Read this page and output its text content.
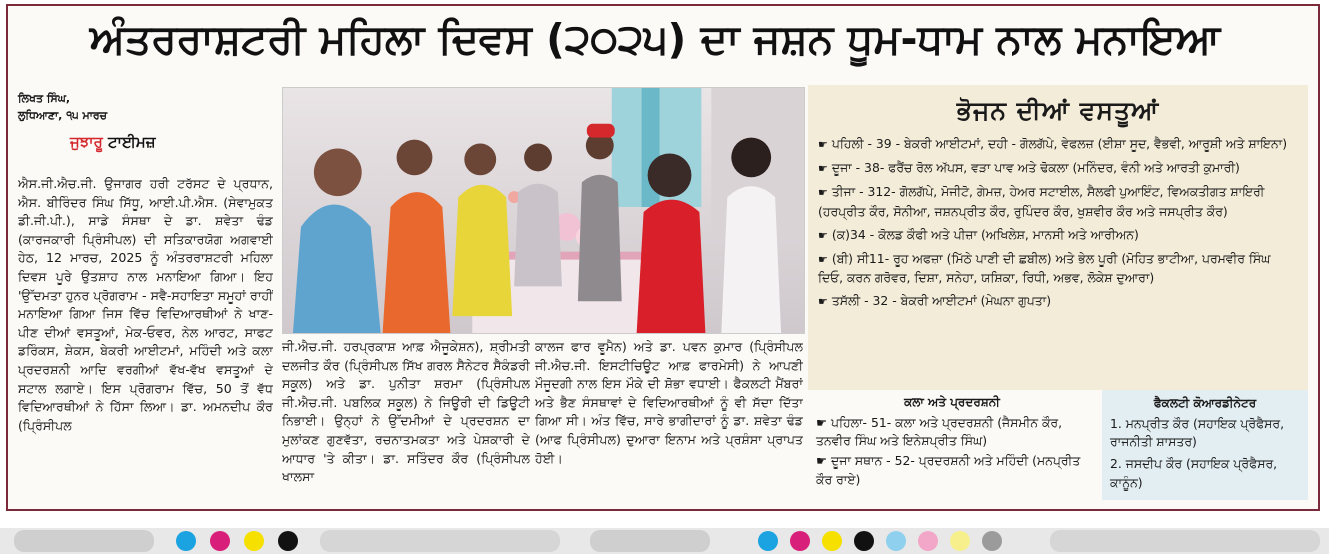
ਅੰਤਰਰਾਸ਼ਟਰੀ ਮਹਿਲਾ ਦਿਵਸ (੨੦੨੫) ਦਾ ਜਸ਼ਨ ਧੂਮ-ਧਾਮ ਨਾਲ ਮਨਾਇਆ
ਲਿਖਤ ਸਿੰਘ,
ਲੁਧਿਆਣਾ, ੧੫ ਮਾਰਚ
ਜੁਝਾਰੂ ਟਾਈਮਜ਼
ਐਸ.ਜੀ.ਐਚ.ਜੀ. ਉਜਾਗਰ ਹਰੀ ਟਰੱਸਟ ਦੇ ਪ੍ਰਧਾਨ, ਐਸ. ਬੀਰਿੰਦਰ ਸਿੰਘ ਸਿੱਧੂ, ਆਈ.ਪੀ.ਐਸ. (ਸੇਵਾਮੁਕਤ ਡੀ.ਜੀ.ਪੀ.), ਸਾਡੇ ਸੰਸਥਾ ਦੇ ਡਾ. ਸ਼ਵੇਤਾ ਢੰਡ (ਕਾਰਜਕਾਰੀ ਪ੍ਰਿੰਸੀਪਲ) ਦੀ ਸਤਿਕਾਰਯੋਗ ਅਗਵਾਈ ਹੇਠ, 12 ਮਾਰਚ, 2025 ਨੂੰ ਅੰਤਰਰਾਸ਼ਟਰੀ ਮਹਿਲਾ ਦਿਵਸ ਪੂਰੇ ਉਤਸ਼ਾਹ ਨਾਲ ਮਨਾਇਆ ਗਿਆ। ਇਹ 'ਉੱਦਮਤਾ ਹੁਨਰ ਪ੍ਰੋਗਰਾਮ - ਸਵੈ-ਸਹਾਇਤਾ ਸਮੂਹਾਂ ਰਾਹੀਂ ਮਨਾਇਆ ਗਿਆ ਜਿਸ ਵਿੱਚ ਵਿਦਿਆਰਥੀਆਂ ਨੇ ਖਾਣ-ਪੀਣ ਦੀਆਂ ਵਸਤੂਆਂ, ਮੇਕ-ਓਵਰ, ਨੇਲ ਆਰਟ, ਸਾਫਟ ਡਰਿੰਕਸ, ਸ਼ੇਕਸ, ਬੇਕਰੀ ਆਈਟਮਾਂ, ਮਹਿੰਦੀ ਅਤੇ ਕਲਾ ਪ੍ਰਦਰਸ਼ਨੀ ਆਦਿ ਵਰਗੀਆਂ ਵੱਖ-ਵੱਖ ਵਸਤੂਆਂ ਦੇ ਸਟਾਲ ਲਗਾਏ। ਇਸ ਪ੍ਰੋਗਰਾਮ ਵਿੱਚ, 50 ਤੋਂ ਵੱਧ ਵਿਦਿਆਰਥੀਆਂ ਨੇ ਹਿੱਸਾ ਲਿਆ। ਡਾ. ਅਮਨਦੀਪ ਕੌਰ (ਪ੍ਰਿੰਸੀਪਲ
ਜੀ.ਐਚ.ਜੀ. ਹਰਪ੍ਰਕਾਸ਼ ਆਫ਼ ਐਜੂਕੇਸ਼ਨ), ਸ਼੍ਰੀਮਤੀ ਦਲਜੀਤ ਕੌਰ (ਪ੍ਰਿੰਸੀਪਲ ਸਿੱਖ ਗਰਲ ਸੈਨੇਟਰ ਸੈਕੰਡਰੀ ਸਕੂਲ) ਅਤੇ ਡਾ. ਪੁਨੀਤਾ ਸ਼ਰਮਾ (ਪ੍ਰਿੰਸੀਪਲ ਜੀ.ਐਚ.ਜੀ. ਪਬਲਿਕ ਸਕੂਲ) ਨੇ ਜਿਊਰੀ ਦੀ ਡਿਊਟੀ ਨਿਭਾਈ। ਉਨ੍ਹਾਂ ਨੇ ਉੱਦਮੀਆਂ ਦੇ ਪ੍ਰਦਰਸ਼ਨ ਦਾ ਮੁਲਾਂਕਣ ਗੁਣਵੱਤਾ, ਰਚਨਾਤਮਕਤਾ ਅਤੇ ਪੇਸ਼ਕਾਰੀ ਦੇ ਆਧਾਰ 'ਤੇ ਕੀਤਾ। ਡਾ. ਸਤਿੰਦਰ ਕੌਰ (ਪ੍ਰਿੰਸੀਪਲ ਖਾਲਸਾ
ਕਾਲਜ ਫਾਰ ਵੂਮੈਨ) ਅਤੇ ਡਾ. ਪਵਨ ਕੁਮਾਰ (ਪ੍ਰਿੰਸੀਪਲ ਜੀ.ਐਚ.ਜੀ. ਇਸਟੀਚਿਊਟ ਆਫ਼ ਫਾਰਮੇਸੀ) ਨੇ ਆਪਣੀ ਮੌਜੂਦਗੀ ਨਾਲ ਇਸ ਮੌਕੇ ਦੀ ਸ਼ੋਭਾ ਵਧਾਈ। ਫੈਕਲਟੀ ਮੈਂਬਰਾਂ ਅਤੇ ਭੈਣ ਸੰਸਥਾਵਾਂ ਦੇ ਵਿਦਿਆਰਥੀਆਂ ਨੂੰ ਵੀ ਸੱਦਾ ਦਿੱਤਾ ਗਿਆ ਸੀ। ਅੰਤ ਵਿੱਚ, ਸਾਰੇ ਭਾਗੀਦਾਰਾਂ ਨੂੰ ਡਾ. ਸ਼ਵੇਤਾ ਢੰਡ (ਆਫ ਪ੍ਰਿੰਸੀਪਲ) ਦੁਆਰਾ ਇਨਾਮ ਅਤੇ ਪ੍ਰਸ਼ੰਸਾ ਪ੍ਰਾਪਤ ਹੋਈ।
ਭੋਜਨ ਦੀਆਂ ਵਸਤੂਆਂ
☛ ਪਹਿਲੀ - 39 - ਬੇਕਰੀ ਆਈਟਮਾਂ, ਦਹੀ - ਗੋਲਗੱਪੇ, ਵੇਫਲਜ਼ (ਈਸ਼ਾ ਸੂਦ, ਵੈਭਵੀ, ਆਰੂਸ਼ੀ ਅਤੇ ਸ਼ਾਇਨਾ)
☛ ਦੂਜਾ - 38- ਫਰੈਂਚ ਰੋਲ ਅੱਪਸ, ਵੜਾ ਪਾਵ ਅਤੇ ਢੋਕਲਾ (ਮਨਿੰਦਰ, ਵੰਨੀ ਅਤੇ ਆਰਤੀ ਕੁਮਾਰੀ)
☛ ਤੀਜਾ - 312- ਗੋਲਗੱਪੇ, ਮੋਜੀਟੋ, ਗੇਮਜ਼, ਹੇਅਰ ਸਟਾਈਲ, ਸੈਲਫੀ ਪੁਆਇੰਟ, ਵਿਅਕਤੀਗਤ ਸ਼ਾਇਰੀ (ਹਰਪ੍ਰੀਤ ਕੌਰ, ਸੋਨੀਆ, ਜਸ਼ਨਪ੍ਰੀਤ ਕੌਰ, ਰੁਪਿੰਦਰ ਕੌਰ, ਖੁਸ਼ਵੀਰ ਕੌਰ ਅਤੇ ਜਸਪ੍ਰੀਤ ਕੌਰ)
☛ (ਕ)34 - ਕੋਲਡ ਕੌਫੀ ਅਤੇ ਪੀਜ਼ਾ (ਅਖਿਲੇਸ਼, ਮਾਨਸੀ ਅਤੇ ਆਰੀਅਨ)
☛ (ਬੀ) ਸੀ11- ਰੂਹ ਅਫਜ਼ਾ (ਮਿੱਠੇ ਪਾਣੀ ਦੀ ਛਬੀਲ) ਅਤੇ ਭੇਲ ਪੂਰੀ (ਮੋਹਿਤ ਭਾਟੀਆ, ਪਰਮਵੀਰ ਸਿੰਘ ਦਿਓ, ਕਰਨ ਗਰੋਵਰ, ਦਿਸ਼ਾ, ਸਨੇਹਾ, ਯਸ਼ਿਕਾ, ਰਿਧੀ, ਅਭਵ, ਲੋਕੇਸ਼ ਦੁਆਰਾ)
☛ ਤਸੱਲੀ - 32 - ਬੇਕਰੀ ਆਈਟਮਾਂ (ਮੇਘਨਾ ਗੁਪਤਾ)
ਕਲਾ ਅਤੇ ਪ੍ਰਦਰਸ਼ਨੀ
☛ ਪਹਿਲਾ- 51- ਕਲਾ ਅਤੇ ਪ੍ਰਦਰਸ਼ਨੀ (ਜੈਸਮੀਨ ਕੌਰ, ਤਨਵੀਰ ਸਿੰਘ ਅਤੇ ਇਨੇਸ਼ਪ੍ਰੀਤ ਸਿੰਘ)
☛ ਦੂਜਾ ਸਥਾਨ - 52- ਪ੍ਰਦਰਸ਼ਨੀ ਅਤੇ ਮਹਿੰਦੀ (ਮਨਪ੍ਰੀਤ ਕੌਰ ਰਾਏ)
ਫੈਕਲਟੀ ਕੋਆਰਡੀਨੇਟਰ
1. ਮਨਪ੍ਰੀਤ ਕੌਰ (ਸਹਾਇਕ ਪ੍ਰੋਫੈਸਰ, ਰਾਜਨੀਤੀ ਸ਼ਾਸਤਰ)
2. ਜਸਦੀਪ ਕੌਰ (ਸਹਾਇਕ ਪ੍ਰੋਫੈਸਰ, ਕਾਨੂੰਨ)
